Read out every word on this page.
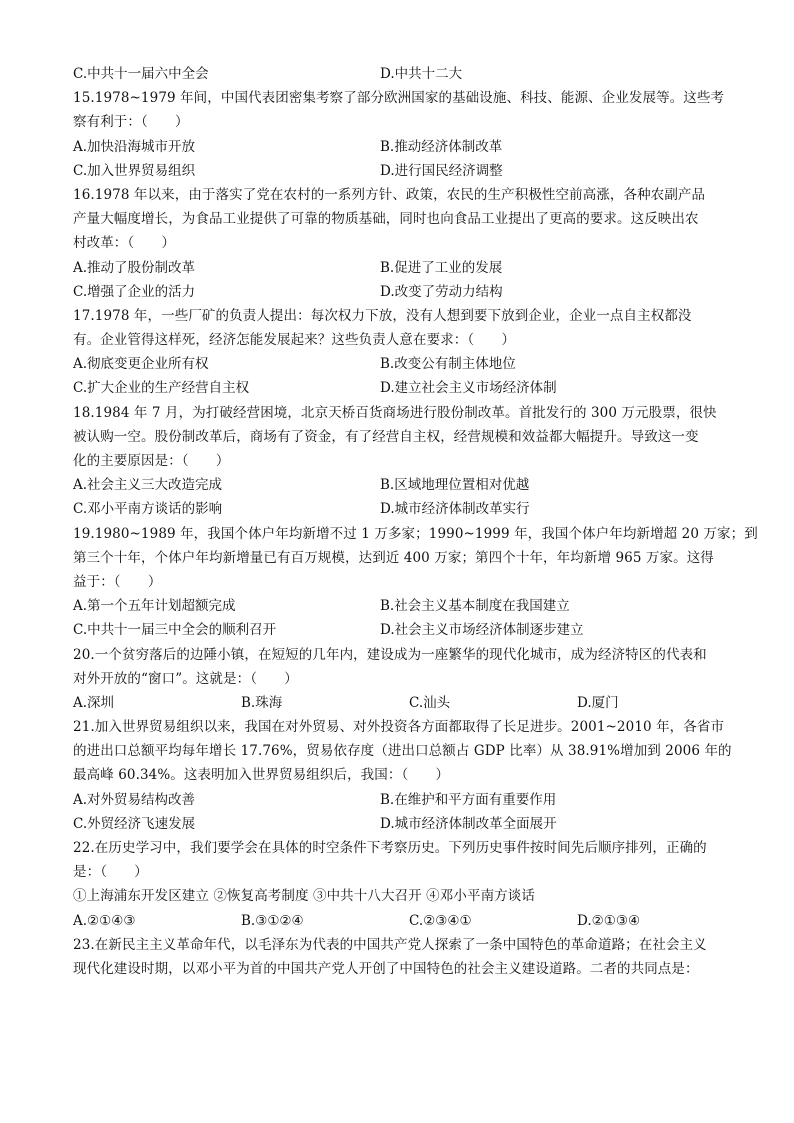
C.中共十一届六中全会	D.中共十二大
15.1978~1979 年间，中国代表团密集考察了部分欧洲国家的基础设施、科技、能源、企业发展等。这些考
察有利于：（　　）
A.加快沿海城市开放	B.推动经济体制改革
C.加入世界贸易组织	D.进行国民经济调整
16.1978 年以来，由于落实了党在农村的一系列方针、政策，农民的生产积极性空前高涨，各种农副产品
产量大幅度增长，为食品工业提供了可靠的物质基础，同时也向食品工业提出了更高的要求。这反映出农
村改革：（　　）
A.推动了股份制改革	B.促进了工业的发展
C.增强了企业的活力	D.改变了劳动力结构
17.1978 年，一些厂矿的负责人提出：每次权力下放，没有人想到要下放到企业，企业一点自主权都没
有。企业管得这样死，经济怎能发展起来？这些负责人意在要求：（　　）
A.彻底变更企业所有权	B.改变公有制主体地位
C.扩大企业的生产经营自主权	D.建立社会主义市场经济体制
18.1984 年 7 月，为打破经营困境，北京天桥百货商场进行股份制改革。首批发行的 300 万元股票，很快
被认购一空。股份制改革后，商场有了资金，有了经营自主权，经营规模和效益都大幅提升。导致这一变
化的主要原因是：（　　）
A.社会主义三大改造完成	B.区域地理位置相对优越
C.邓小平南方谈话的影响	D.城市经济体制改革实行
19.1980~1989 年，我国个体户年均新增不过 1 万多家；1990~1999 年，我国个体户年均新增超 20 万家；到
第三个十年，个体户年均新增量已有百万规模，达到近 400 万家；第四个十年，年均新增 965 万家。这得
益于：（　　）
A.第一个五年计划超额完成	B.社会主义基本制度在我国建立
C.中共十一届三中全会的顺利召开	D.社会主义市场经济体制逐步建立
20.一个贫穷落后的边陲小镇，在短短的几年内，建设成为一座繁华的现代化城市，成为经济特区的代表和
对外开放的“窗口”。这就是：（　　）
A.深圳	B.珠海	C.汕头	D.厦门
21.加入世界贸易组织以来，我国在对外贸易、对外投资各方面都取得了长足进步。2001~2010 年，各省市
的进出口总额平均每年增长 17.76%，贸易依存度（进出口总额占 GDP 比率）从 38.91%增加到 2006 年的
最高峰 60.34%。这表明加入世界贸易组织后，我国：（　　）
A.对外贸易结构改善	B.在维护和平方面有重要作用
C.外贸经济飞速发展	D.城市经济体制改革全面展开
22.在历史学习中，我们要学会在具体的时空条件下考察历史。下列历史事件按时间先后顺序排列，正确的
是：（　　）
①上海浦东开发区建立 ②恢复高考制度 ③中共十八大召开 ④邓小平南方谈话
A.②①④③	B.③①②④	C.②③④①	D.②①③④
23.在新民主主义革命年代，以毛泽东为代表的中国共产党人探索了一条中国特色的革命道路；在社会主义
现代化建设时期，以邓小平为首的中国共产党人开创了中国特色的社会主义建设道路。二者的共同点是：
